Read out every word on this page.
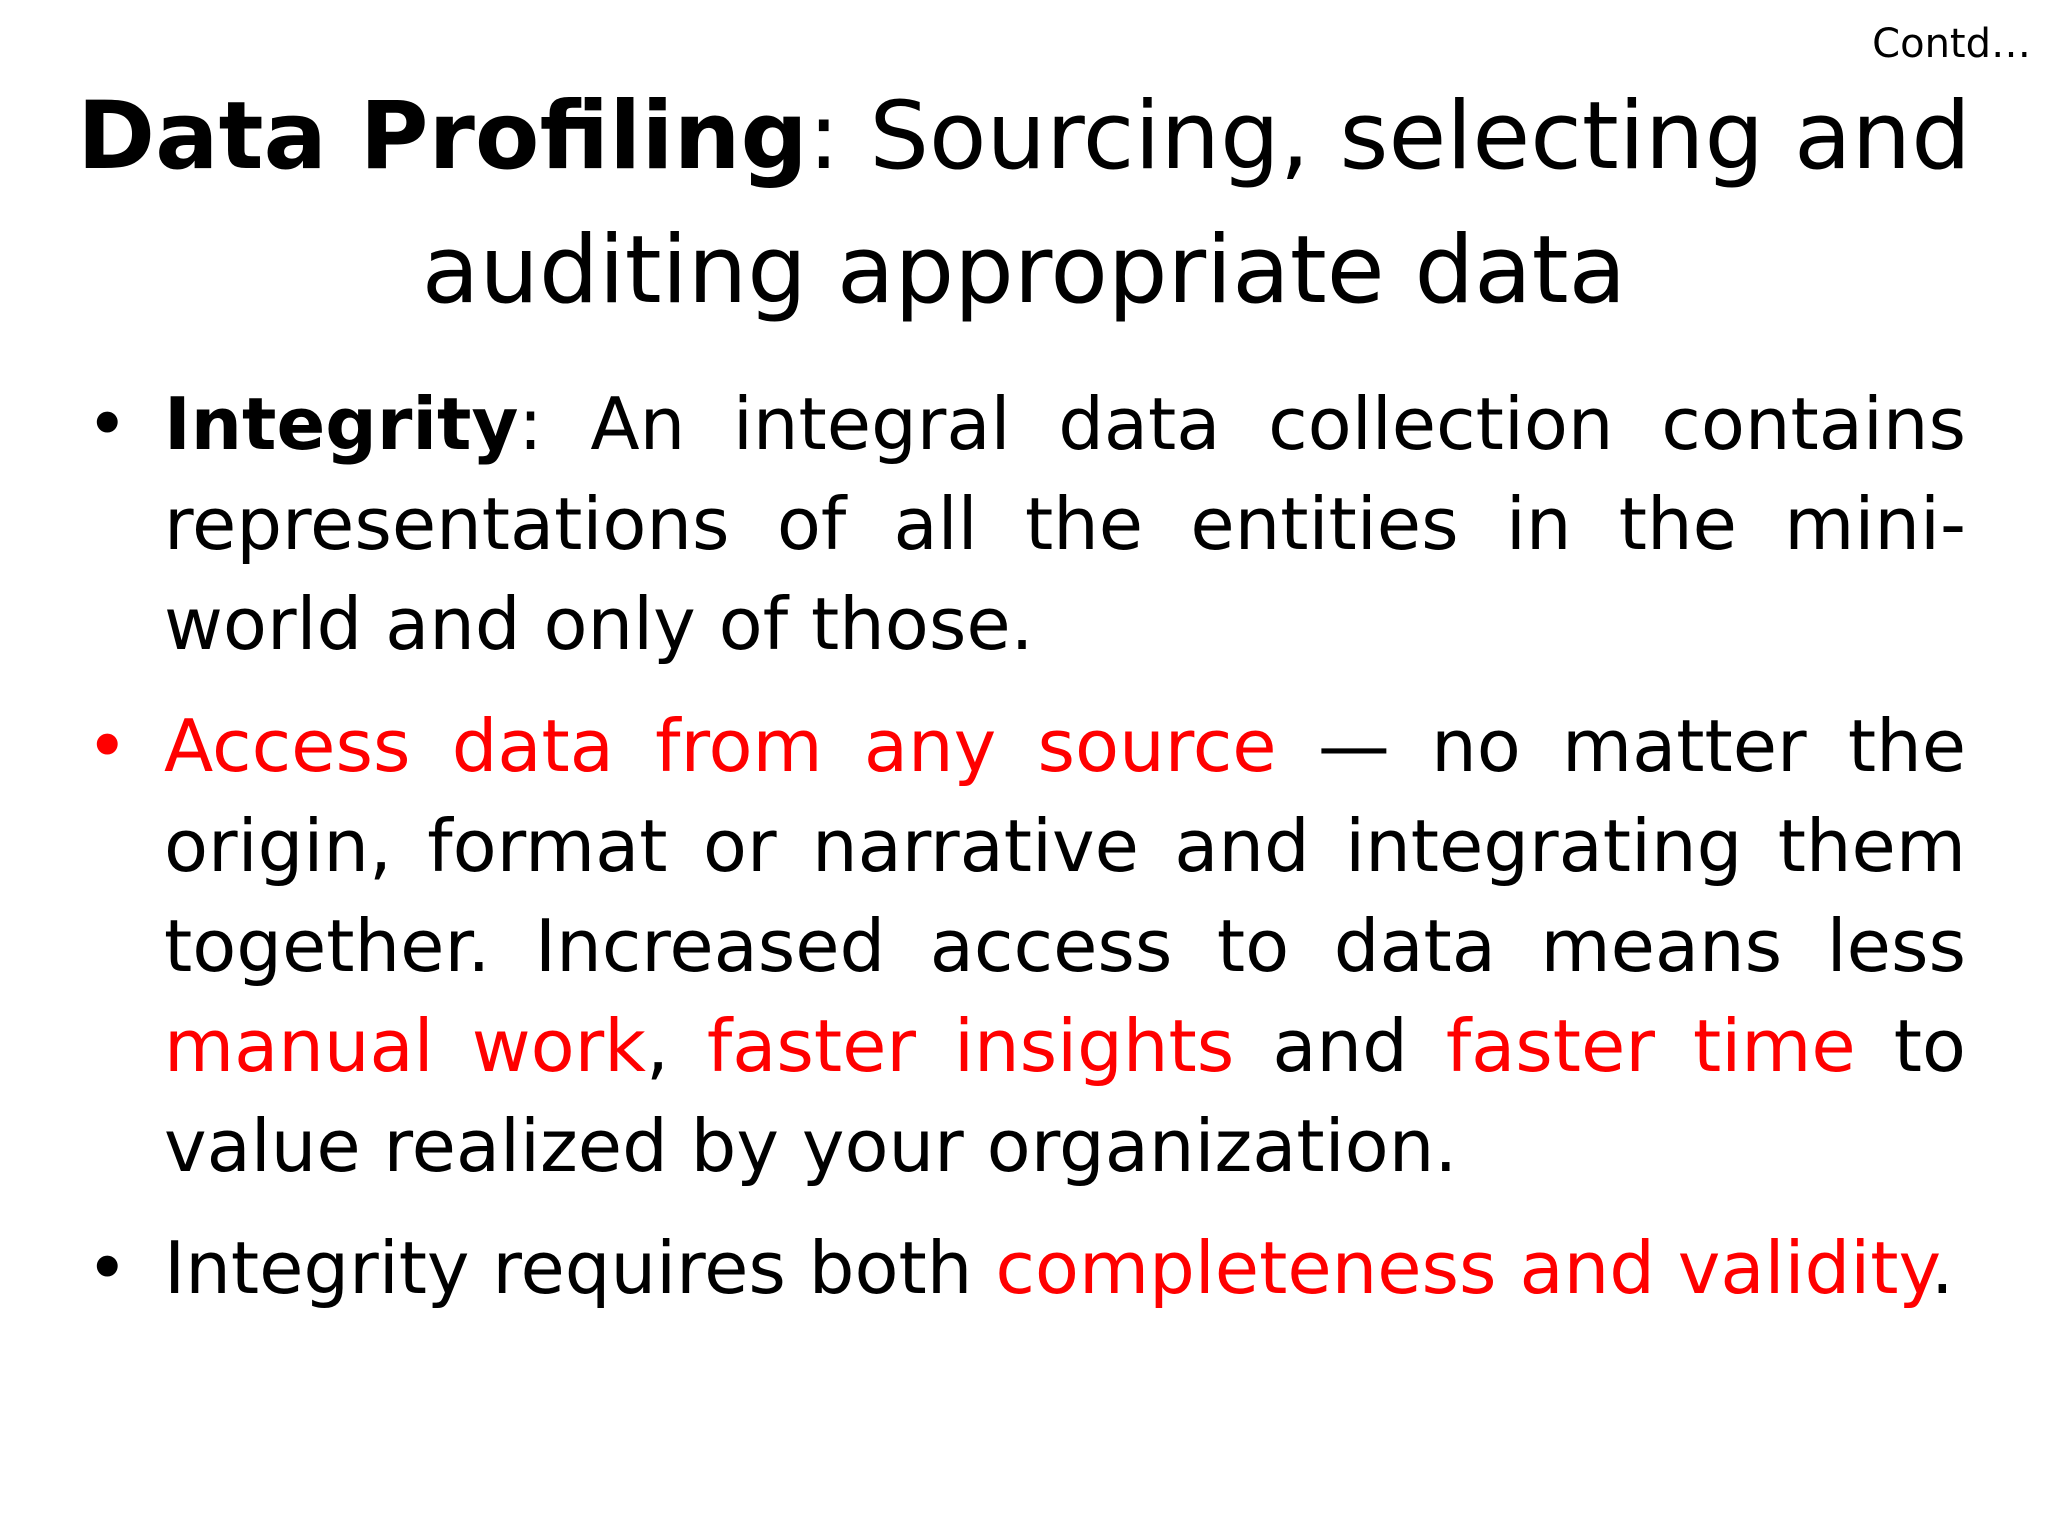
Contd…
Data Profiling: Sourcing, selecting and
auditing appropriate data
• Integrity: An integral data collection contains representations of all the entities in the mini-world and only of those.
• Access data from any source — no matter the origin, format or narrative and integrating them together. Increased access to data means less manual work, faster insights and faster time to value realized by your organization.
• Integrity requires both completeness and validity.
